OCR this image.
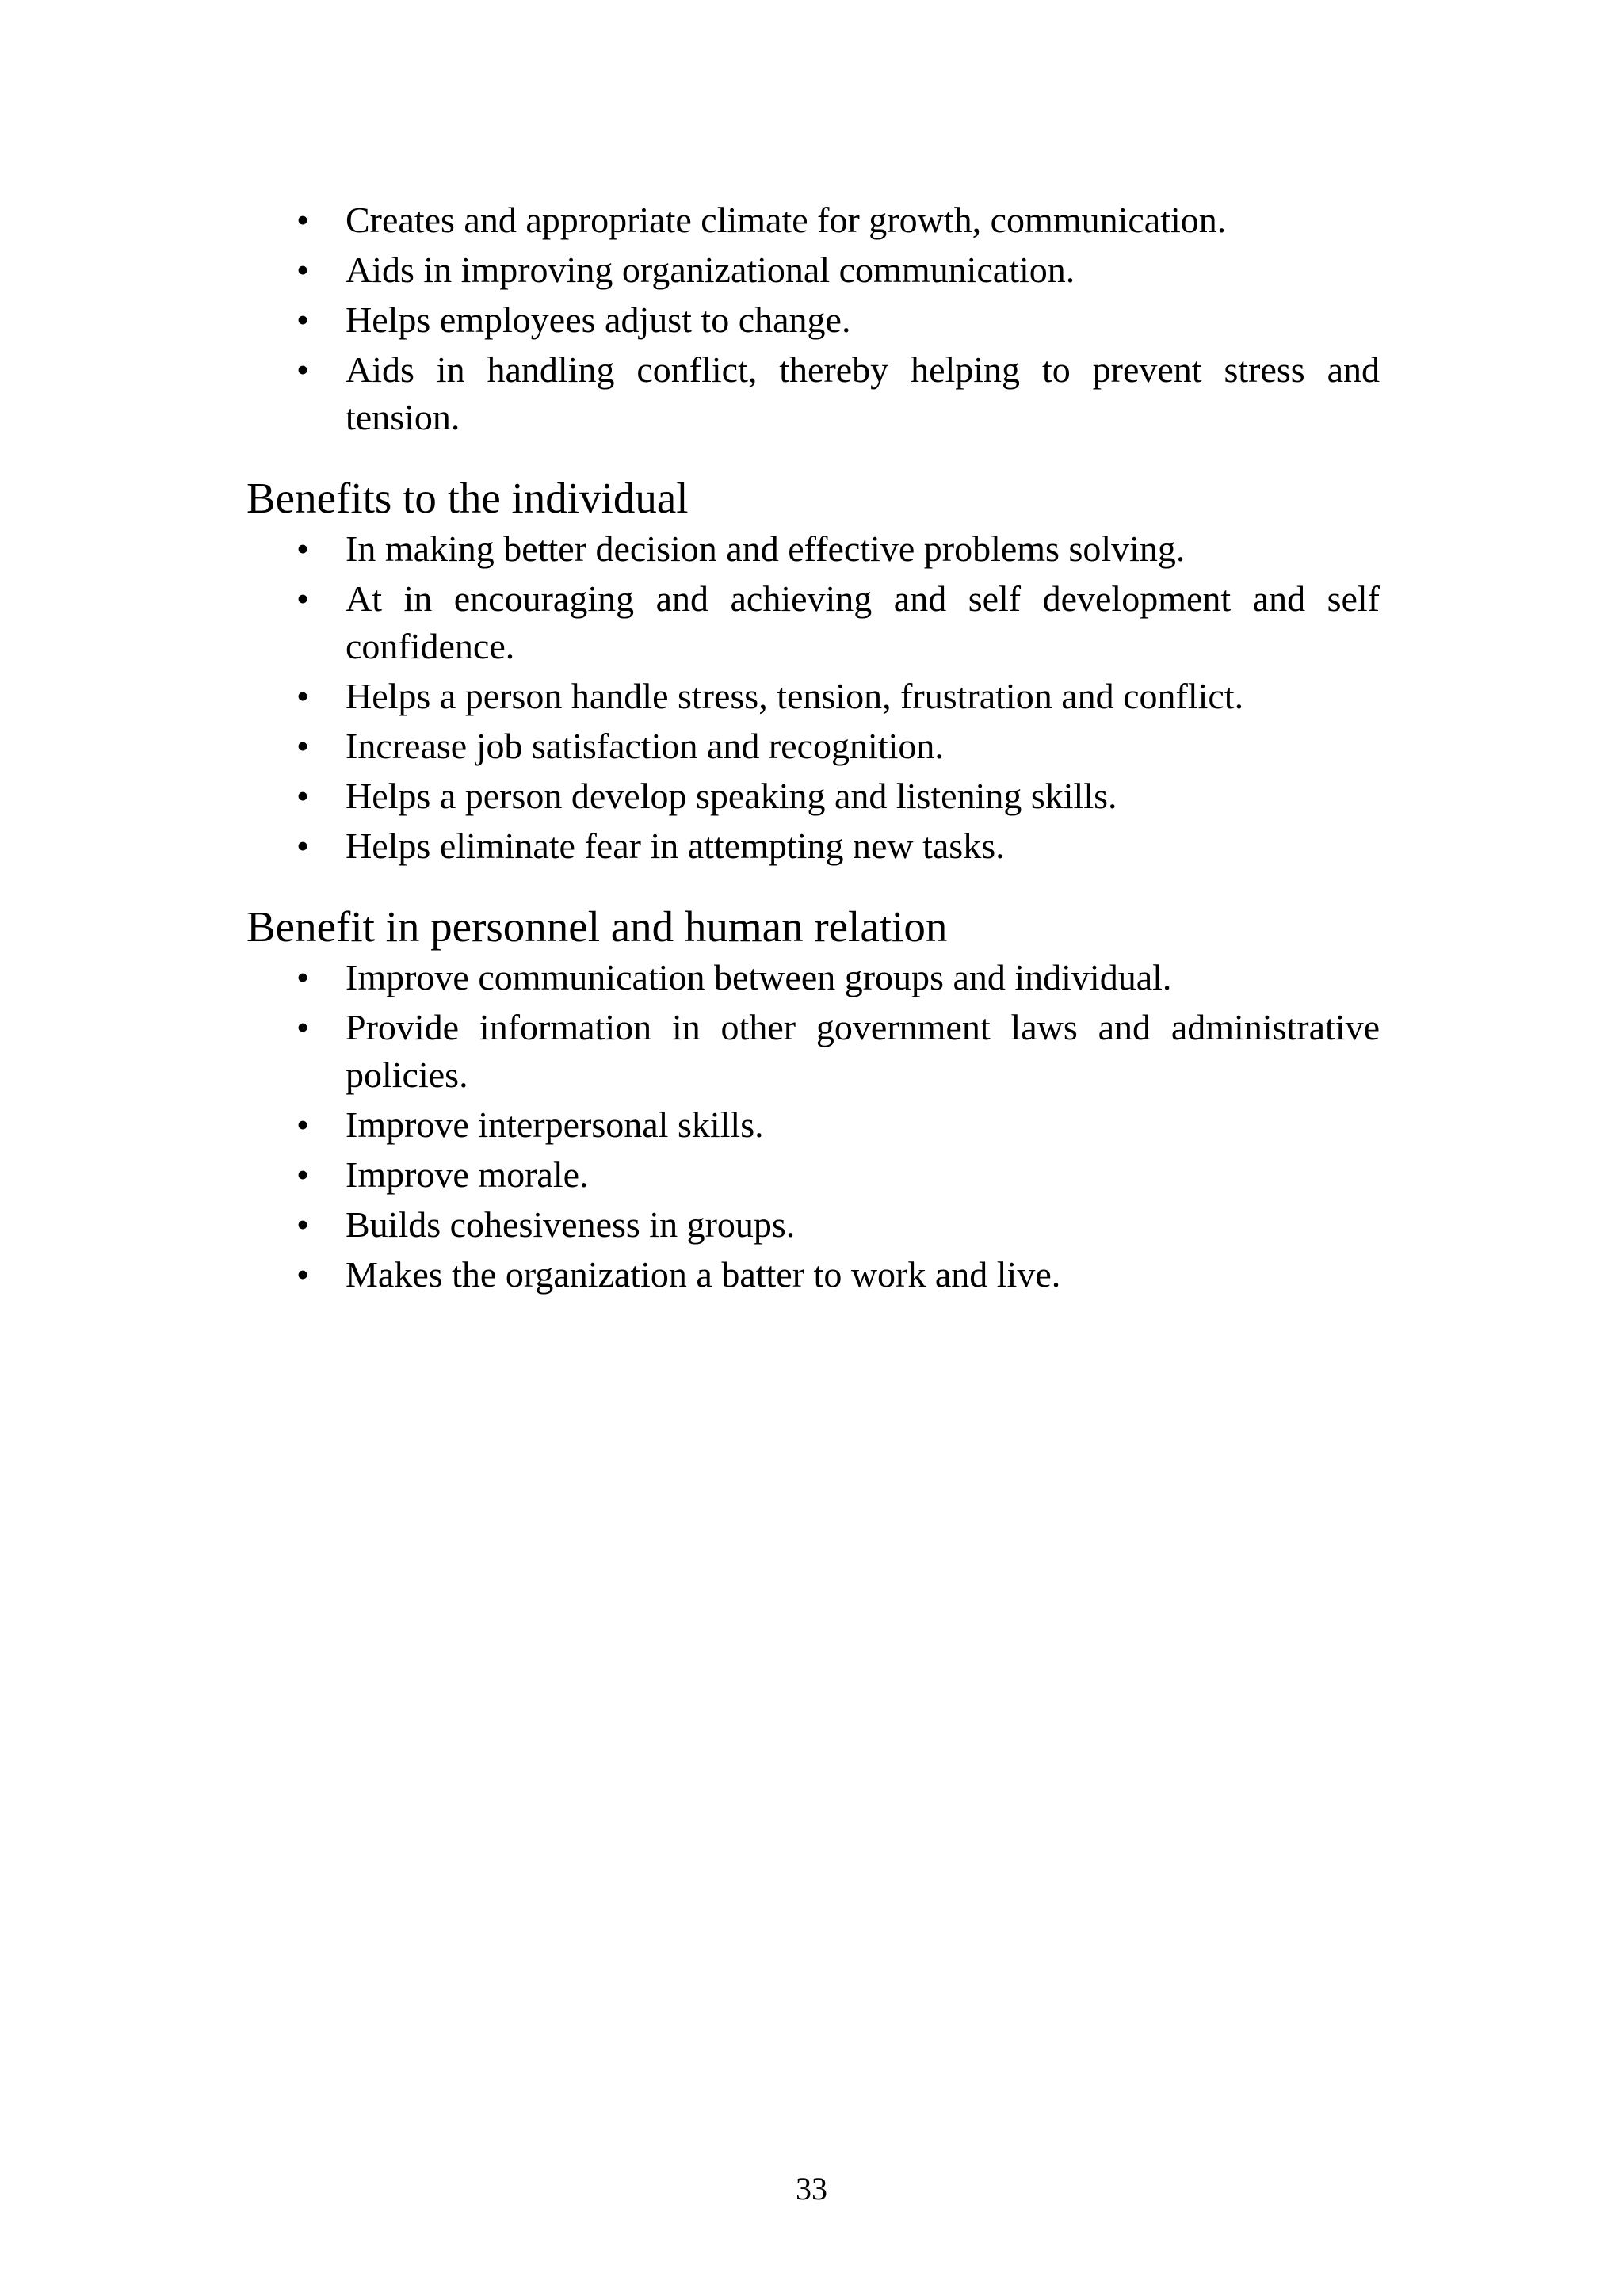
• Creates and appropriate climate for growth, communication.
• Aids in improving organizational communication.
• Helps employees adjust to change.
• Aids in handling conflict, thereby helping to prevent stress and tension.
Benefits to the individual
• In making better decision and effective problems solving.
• At in encouraging and achieving and self development and self confidence.
• Helps a person handle stress, tension, frustration and conflict.
• Increase job satisfaction and recognition.
• Helps a person develop speaking and listening skills.
• Helps eliminate fear in attempting new tasks.
Benefit in personnel and human relation
• Improve communication between groups and individual.
• Provide information in other government laws and administrative policies.
• Improve interpersonal skills.
• Improve morale.
• Builds cohesiveness in groups.
• Makes the organization a batter to work and live.
33
